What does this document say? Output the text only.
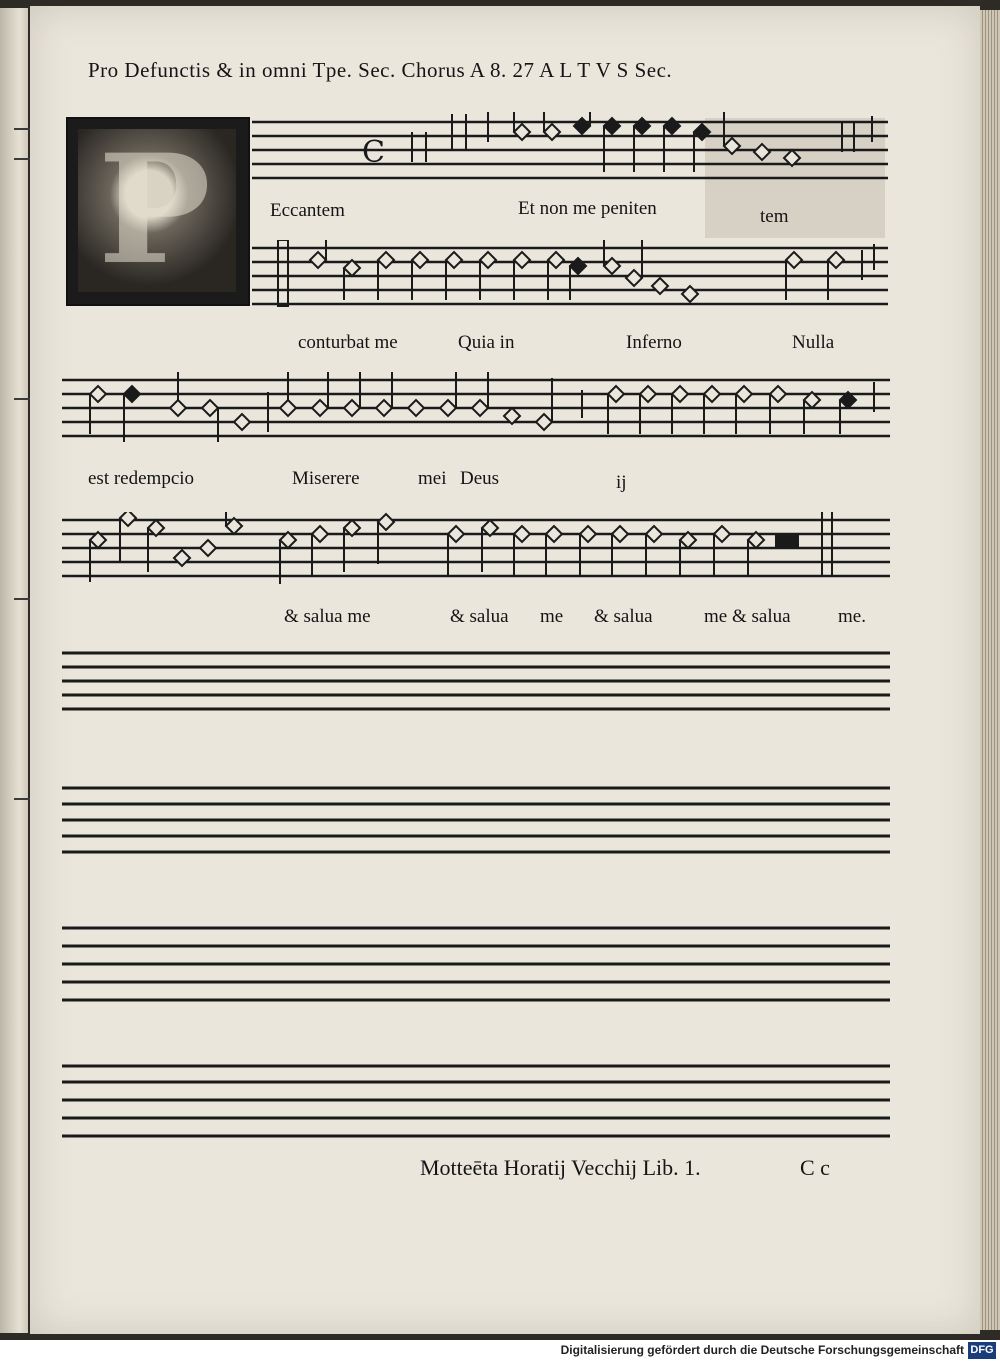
Pro Defunctis & in omni Tpe. Sec. Chorus A 8. 27 A L T V S Sec.
P	C
Eccantem	Et non me peniten	tem
conturbat me	Quia in	Inferno	Nulla
est redempcio	Miserere	mei Deus	ij
& salua me	& salua me & salua	me & salua me.
Motteēta Horatij Vecchij Lib. 1.	C c
Digitalisierung gefördert durch die Deutsche Forschungsgemeinschaft DFG
